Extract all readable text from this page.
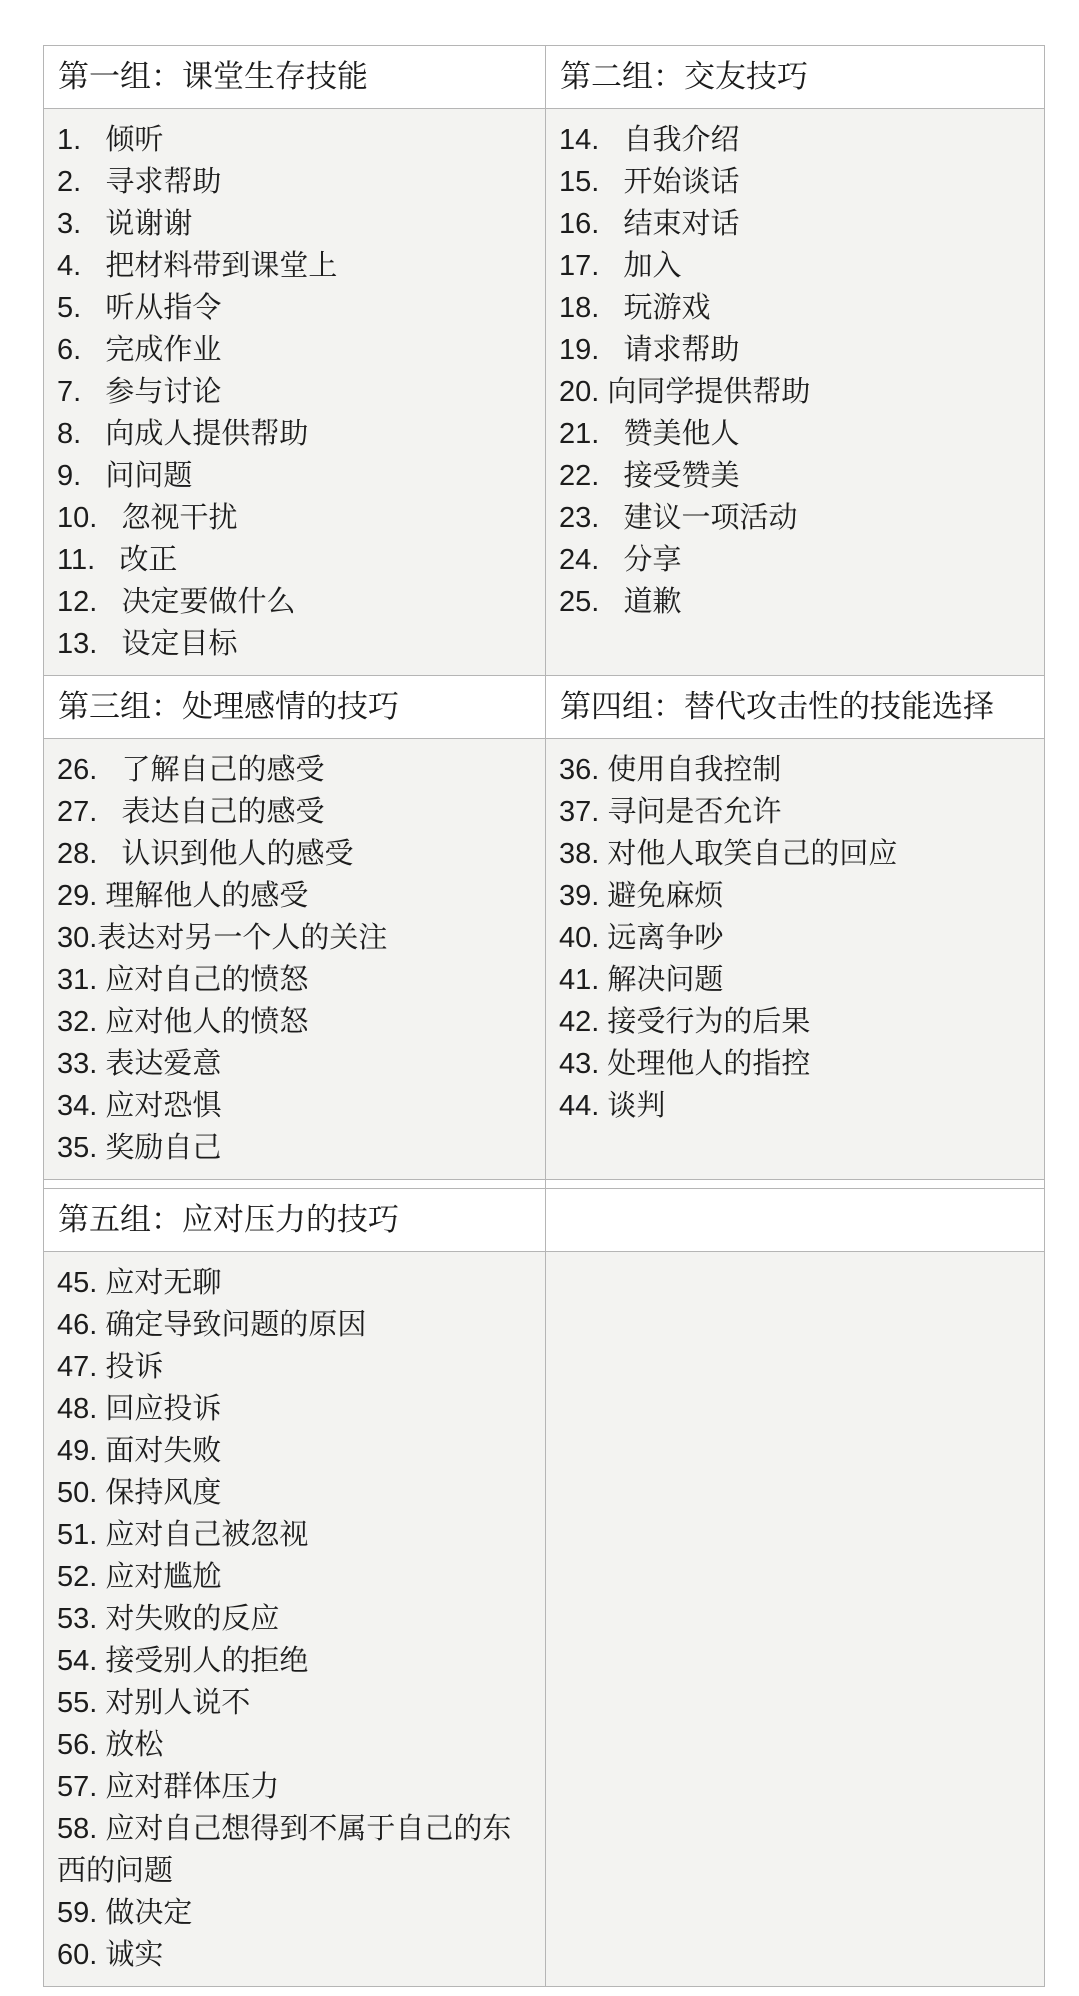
第一组：课堂生存技能	第二组：交友技巧

1.   倾听
2.   寻求帮助
3.   说谢谢
4.   把材料带到课堂上
5.   听从指令
6.   完成作业
7.   参与讨论
8.   向成人提供帮助
9.   问问题
10.   忽视干扰
11.   改正
12.   决定要做什么
13.   设定目标

14.   自我介绍
15.   开始谈话
16.   结束对话
17.   加入
18.   玩游戏
19.   请求帮助
20. 向同学提供帮助
21.   赞美他人
22.   接受赞美
23.   建议一项活动
24.   分享
25.   道歉

第三组：处理感情的技巧	第四组：替代攻击性的技能选择

26.   了解自己的感受
27.   表达自己的感受
28.   认识到他人的感受
29. 理解他人的感受
30.表达对另一个人的关注
31. 应对自己的愤怒
32. 应对他人的愤怒
33. 表达爱意
34. 应对恐惧
35. 奖励自己

36. 使用自我控制
37. 寻问是否允许
38. 对他人取笑自己的回应
39. 避免麻烦
40. 远离争吵
41. 解决问题
42. 接受行为的后果
43. 处理他人的指控
44. 谈判

第五组：应对压力的技巧	

45. 应对无聊
46. 确定导致问题的原因
47. 投诉
48. 回应投诉
49. 面对失败
50. 保持风度
51. 应对自己被忽视
52. 应对尴尬
53. 对失败的反应
54. 接受别人的拒绝
55. 对别人说不
56. 放松
57. 应对群体压力
58. 应对自己想得到不属于自己的东西的问题
59. 做决定
60. 诚实
